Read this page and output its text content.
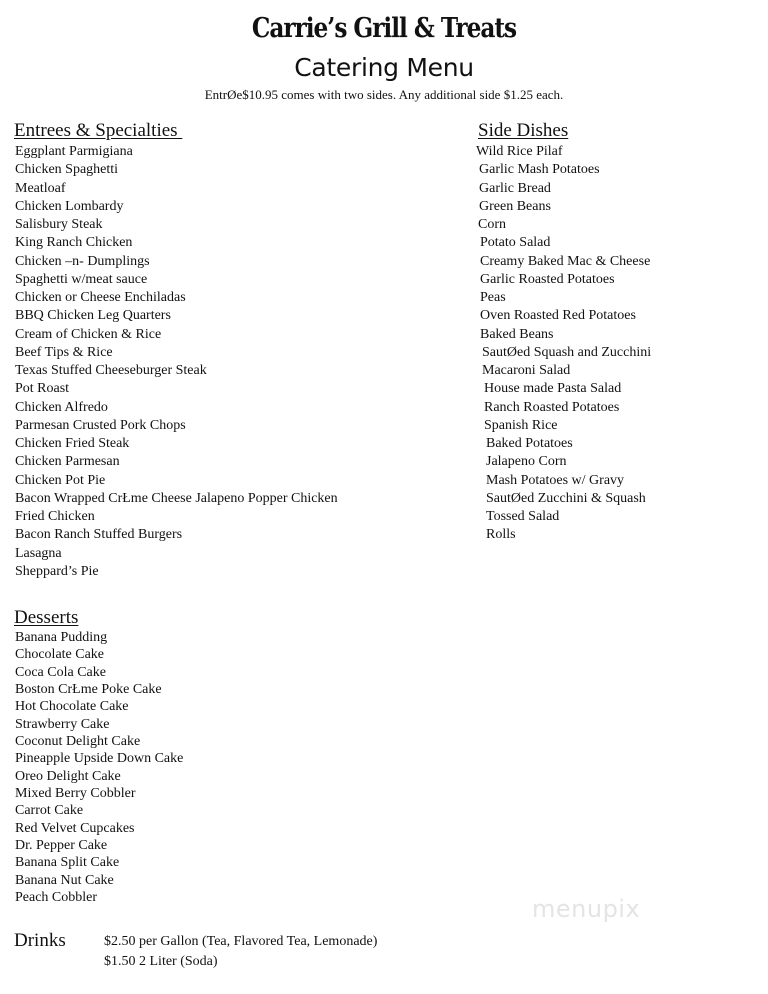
Carrie’s Grill & Treats
Catering Menu
EntrØe$10.95 comes with two sides. Any additional side $1.25 each.
Entrees & Specialties
Eggplant Parmigiana
Chicken Spaghetti
Meatloaf
Chicken Lombardy
Salisbury Steak
King Ranch Chicken
Chicken –n- Dumplings
Spaghetti w/meat sauce
Chicken or Cheese Enchiladas
BBQ Chicken Leg Quarters
Cream of Chicken & Rice
Beef Tips & Rice
Texas Stuffed Cheeseburger Steak
Pot Roast
Chicken Alfredo
Parmesan Crusted Pork Chops
Chicken Fried Steak
Chicken Parmesan
Chicken Pot Pie
Bacon Wrapped CrŁme Cheese Jalapeno Popper Chicken
Fried Chicken
Bacon Ranch Stuffed Burgers
Lasagna
Sheppard’s Pie
Side Dishes
Wild Rice Pilaf
Garlic Mash Potatoes
Garlic Bread
Green Beans
Corn
Potato Salad
Creamy Baked Mac & Cheese
Garlic Roasted Potatoes
Peas
Oven Roasted Red Potatoes
Baked Beans
SautØed Squash and Zucchini
Macaroni Salad
House made Pasta Salad
Ranch Roasted Potatoes
Spanish Rice
Baked Potatoes
Jalapeno Corn
Mash Potatoes w/ Gravy
SautØed Zucchini & Squash
Tossed Salad
Rolls
Desserts
Banana Pudding
Chocolate Cake
Coca Cola Cake
Boston CrŁme Poke Cake
Hot Chocolate Cake
Strawberry Cake
Coconut Delight Cake
Pineapple Upside Down Cake
Oreo Delight Cake
Mixed Berry Cobbler
Carrot Cake
Red Velvet Cupcakes
Dr. Pepper Cake
Banana Split Cake
Banana Nut Cake
Peach Cobbler
Drinks	$2.50 per Gallon (Tea, Flavored Tea, Lemonade)
$1.50 2 Liter (Soda)
menupix
